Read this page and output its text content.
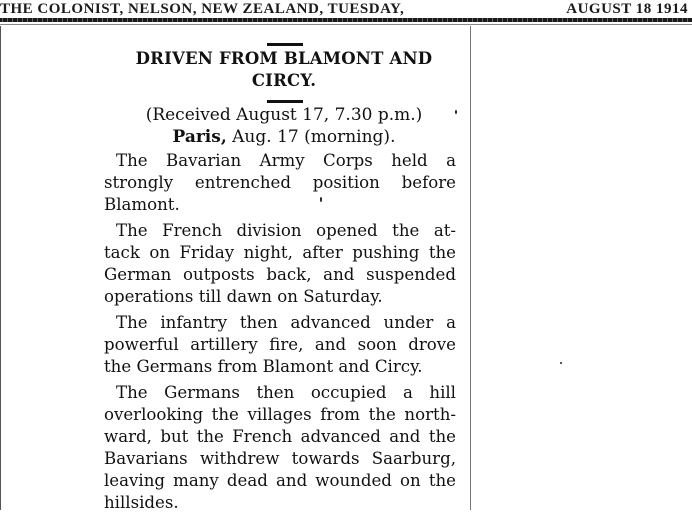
THE COLONIST, NELSON, NEW ZEALAND, TUESDAY,	AUGUST 18 1914
DRIVEN FROM BLAMONT AND
CIRCY.
(Received August 17, 7.30 p.m.)
Paris, Aug. 17 (morning).
The Bavarian Army Corps held a
strongly entrenched position before
Blamont.
The French division opened the at-
tack on Friday night, after pushing the
German outposts back, and suspended
operations till dawn on Saturday.
The infantry then advanced under a
powerful artillery fire, and soon drove
the Germans from Blamont and Circy.
The Germans then occupied a hill
overlooking the villages from the north-
ward, but the French advanced and the
Bavarians withdrew towards Saarburg,
leaving many dead and wounded on the
hillsides.
